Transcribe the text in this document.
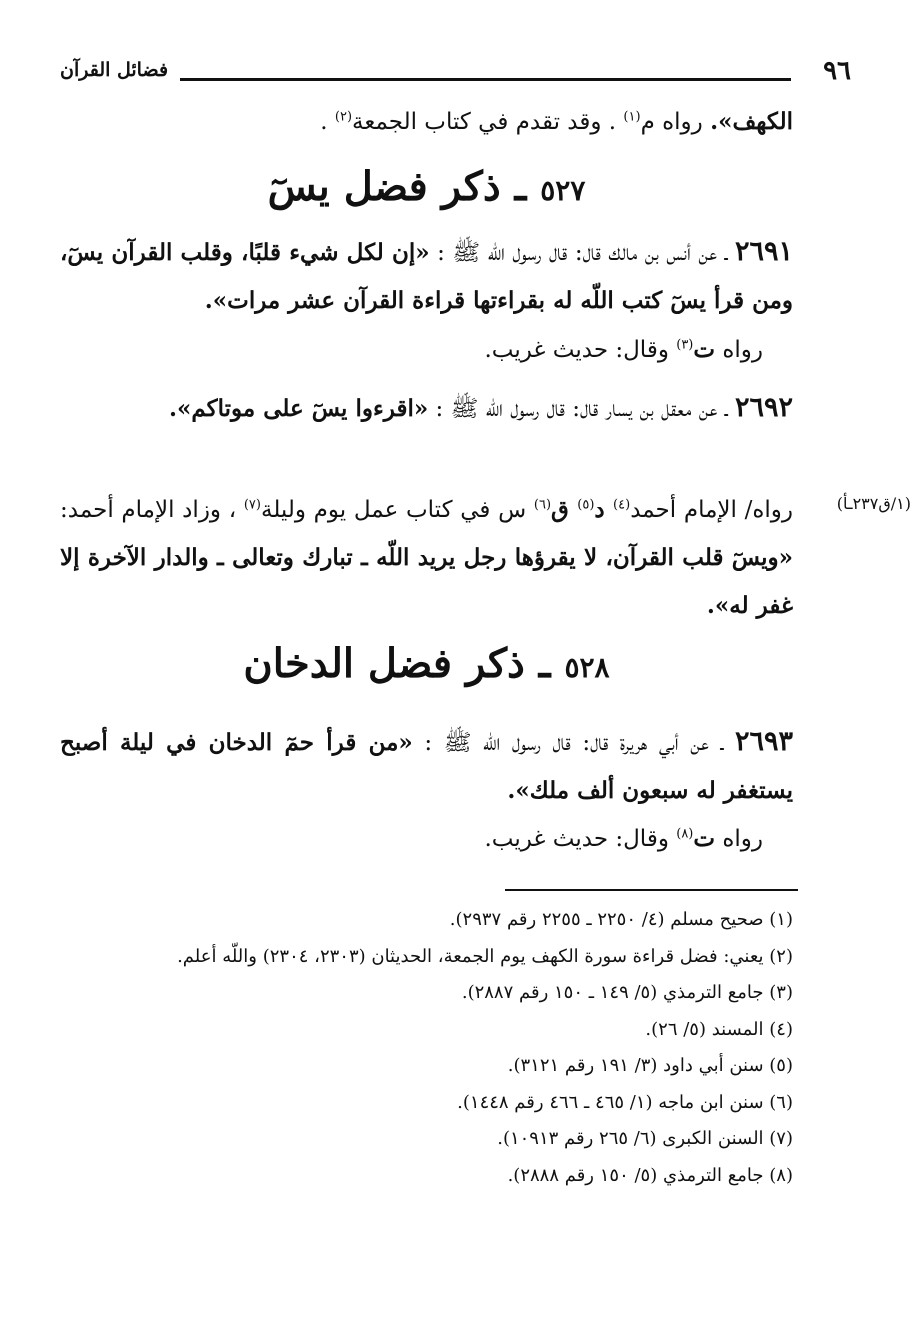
٩٦
فضائل القرآن
الكهف». رواه م$^{(١)}$ . وقد تقدم في كتاب الجمعة$^{(٢)}$ .
٥٢٧ ـ ذكر فضل يسٓ
٢٦٩١ ـ عن أنس بن مالك قال: قال رسول اللّه ﷺ : «إن لكل شيء قلبًا، وقلب القرآن يسٓ، ومن قرأ يسٓ كتب اللّه له بقراءتها قراءة القرآن عشر مرات».
رواه ت$^{(٣)}$ وقال: حديث غريب.
٢٦٩٢ ـ عن معقل بن يسار قال: قال رسول اللّه ﷺ : «اقرءوا يسٓ على موتاكم».
(١/ق٢٣٧ـأ)
رواه/ الإمام أحمد$^{(٤)}$ د$^{(٥)}$ ق$^{(٦)}$ س في كتاب عمل يوم وليلة$^{(٧)}$ ، وزاد الإمام أحمد: «ويسٓ قلب القرآن، لا يقرؤها رجل يريد اللّه ـ تبارك وتعالى ـ والدار الآخرة إلا غفر له».
٥٢٨ ـ ذكر فضل الدخان
٢٦٩٣ ـ عن أبي هريرة قال: قال رسول اللّه ﷺ : «من قرأ حمٓ الدخان في ليلة أصبح يستغفر له سبعون ألف ملك».
رواه ت$^{(٨)}$ وقال: حديث غريب.
(١) صحيح مسلم (٤/ ٢٢٥٠ ـ ٢٢٥٥ رقم ٢٩٣٧).
(٢) يعني: فضل قراءة سورة الكهف يوم الجمعة، الحديثان (٢٣٠٣، ٢٣٠٤) واللّه أعلم.
(٣) جامع الترمذي (٥/ ١٤٩ ـ ١٥٠ رقم ٢٨٨٧).
(٤) المسند (٥/ ٢٦).
(٥) سنن أبي داود (٣/ ١٩١ رقم ٣١٢١).
(٦) سنن ابن ماجه (١/ ٤٦٥ ـ ٤٦٦ رقم ١٤٤٨).
(٧) السنن الكبرى (٦/ ٢٦٥ رقم ١٠٩١٣).
(٨) جامع الترمذي (٥/ ١٥٠ رقم ٢٨٨٨).
